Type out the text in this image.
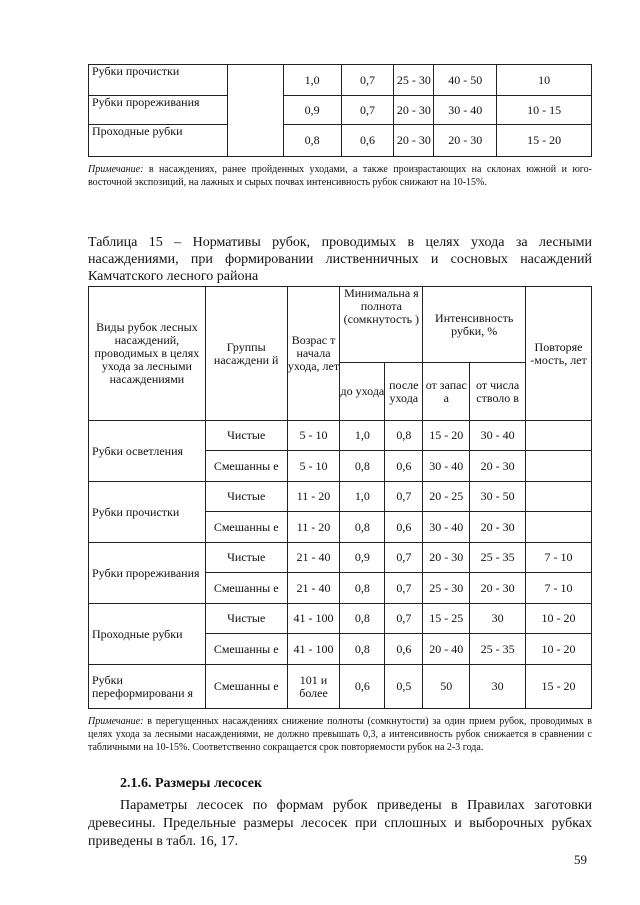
Рубки прочистки		1,0	0,7	25 - 30	40 - 50	10
Рубки прореживания		0,9	0,7	20 - 30	30 - 40	10 - 15
Проходные рубки		0,8	0,6	20 - 30	20 - 30	15 - 20
Примечание: в насаждениях, ранее пройденных уходами, а также произрастающих на склонах южной и юго-восточной экспозиций, на лажных и сырых почвах интенсивность рубок снижают на 10-15%.
Таблица 15 – Нормативы рубок, проводимых в целях ухода за лесными насаждениями, при формировании лиственничных и сосновых насаждений Камчатского лесного района
Виды рубок лесных насаждений, проводимых в целях ухода за лесными насаждениями	Группы насаждени й	Возрас т начала ухода, лет	Минимальна я полнота (сомкнутость )		Интенсивность рубки, %		Повторяе -мость, лет
			до ухода	после ухода	от запас а	от числа стволо в	
Рубки осветления	Чистые	5 - 10	1,0	0,8	15 - 20	30 - 40	
	Смешанны е	5 - 10	0,8	0,6	30 - 40	20 - 30	
Рубки прочистки	Чистые	11 - 20	1,0	0,7	20 - 25	30 - 50	
	Смешанны е	11 - 20	0,8	0,6	30 - 40	20 - 30	
Рубки прореживания	Чистые	21 - 40	0,9	0,7	20 - 30	25 - 35	7 - 10
	Смешанны е	21 - 40	0,8	0,7	25 - 30	20 - 30	7 - 10
Проходные рубки	Чистые	41 - 100	0,8	0,7	15 - 25	30	10 - 20
	Смешанны е	41 - 100	0,8	0,6	20 - 40	25 - 35	10 - 20
Рубки переформировани я	Смешанны е	101 и более	0,6	0,5	50	30	15 - 20
Примечание: в перегущенных насаждениях снижение полноты (сомкнутости) за один прием рубок, проводимых в целях ухода за лесными насаждениями, не должно превышать 0,3, а интенсивность рубок снижается в сравнении с табличными на 10-15%. Соответственно сокращается срок повторяемости рубок на 2-3 года.
2.1.6. Размеры лесосек
Параметры лесосек по формам рубок приведены в Правилах заготовки древесины. Предельные размеры лесосек при сплошных и выборочных рубках приведены в табл. 16, 17.
59
